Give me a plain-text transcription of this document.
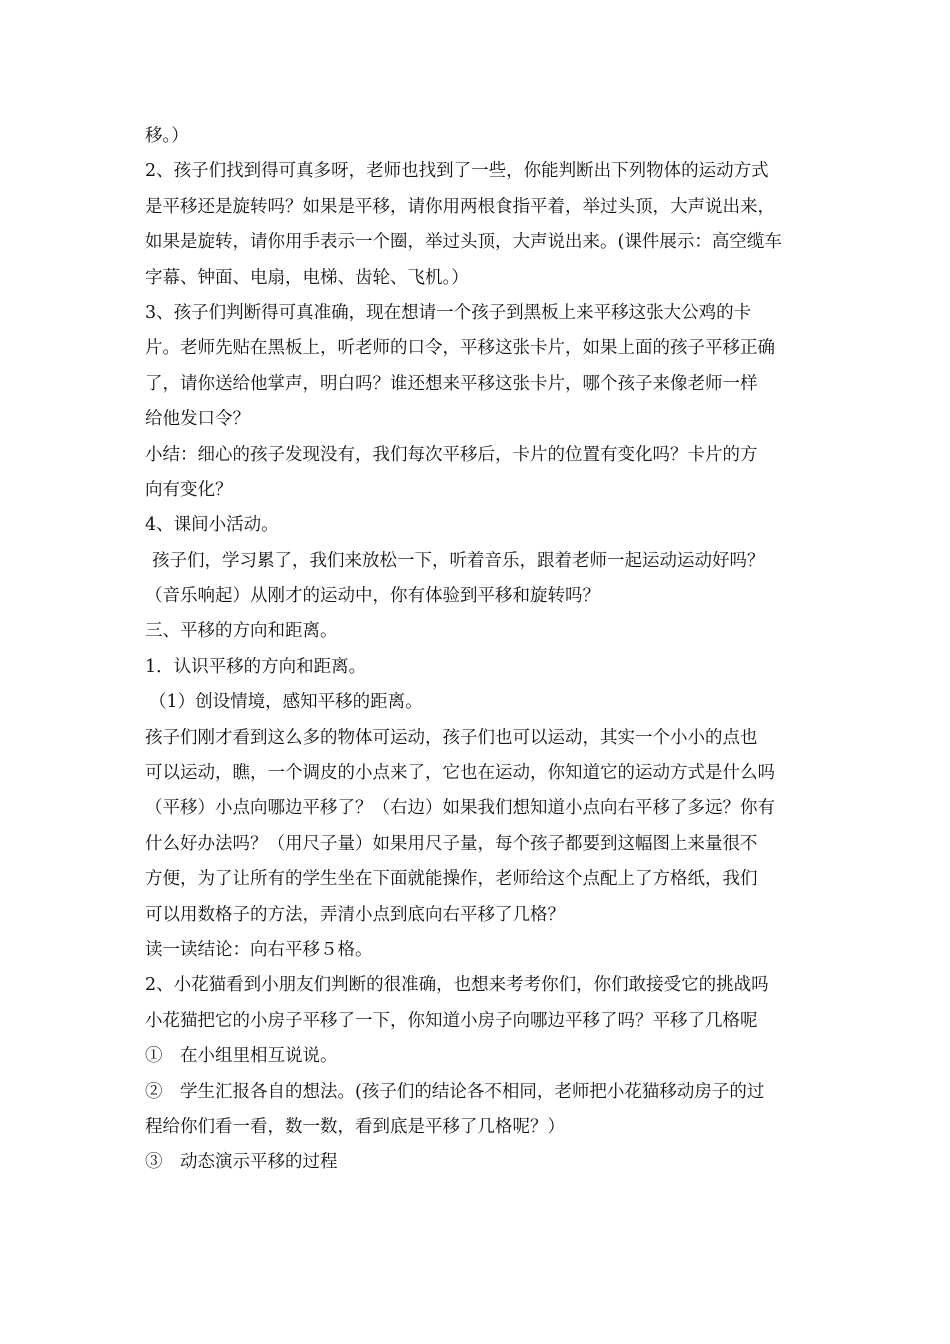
移。）
2、孩子们找到得可真多呀，老师也找到了一些，你能判断出下列物体的运动方式
是平移还是旋转吗？如果是平移，请你用两根食指平着，举过头顶，大声说出来，
如果是旋转，请你用手表示一个圈，举过头顶，大声说出来。(课件展示：高空缆车
字幕、钟面、电扇，电梯、齿轮、飞机。）
3、孩子们判断得可真准确，现在想请一个孩子到黑板上来平移这张大公鸡的卡
片。老师先贴在黑板上，听老师的口令，平移这张卡片，如果上面的孩子平移正确
了，请你送给他掌声，明白吗？谁还想来平移这张卡片，哪个孩子来像老师一样
给他发口令？
小结：细心的孩子发现没有，我们每次平移后，卡片的位置有变化吗？卡片的方
向有变化？
4、课间小活动。
孩子们，学习累了，我们来放松一下，听着音乐，跟着老师一起运动运动好吗？
（音乐响起）从刚才的运动中，你有体验到平移和旋转吗？
三、平移的方向和距离。
1．认识平移的方向和距离。
（1）创设情境，感知平移的距离。
孩子们刚才看到这么多的物体可运动，孩子们也可以运动，其实一个小小的点也
可以运动，瞧，一个调皮的小点来了，它也在运动，你知道它的运动方式是什么吗
（平移）小点向哪边平移了？（右边）如果我们想知道小点向右平移了多远？你有
什么好办法吗？（用尺子量）如果用尺子量，每个孩子都要到这幅图上来量很不
方便，为了让所有的学生坐在下面就能操作，老师给这个点配上了方格纸，我们
可以用数格子的方法，弄清小点到底向右平移了几格？
读一读结论：向右平移５格。
2、小花猫看到小朋友们判断的很准确，也想来考考你们，你们敢接受它的挑战吗
小花猫把它的小房子平移了一下，你知道小房子向哪边平移了吗？平移了几格呢
①　在小组里相互说说。
②　学生汇报各自的想法。(孩子们的结论各不相同，老师把小花猫移动房子的过
程给你们看一看，数一数，看到底是平移了几格呢？）
③　动态演示平移的过程
